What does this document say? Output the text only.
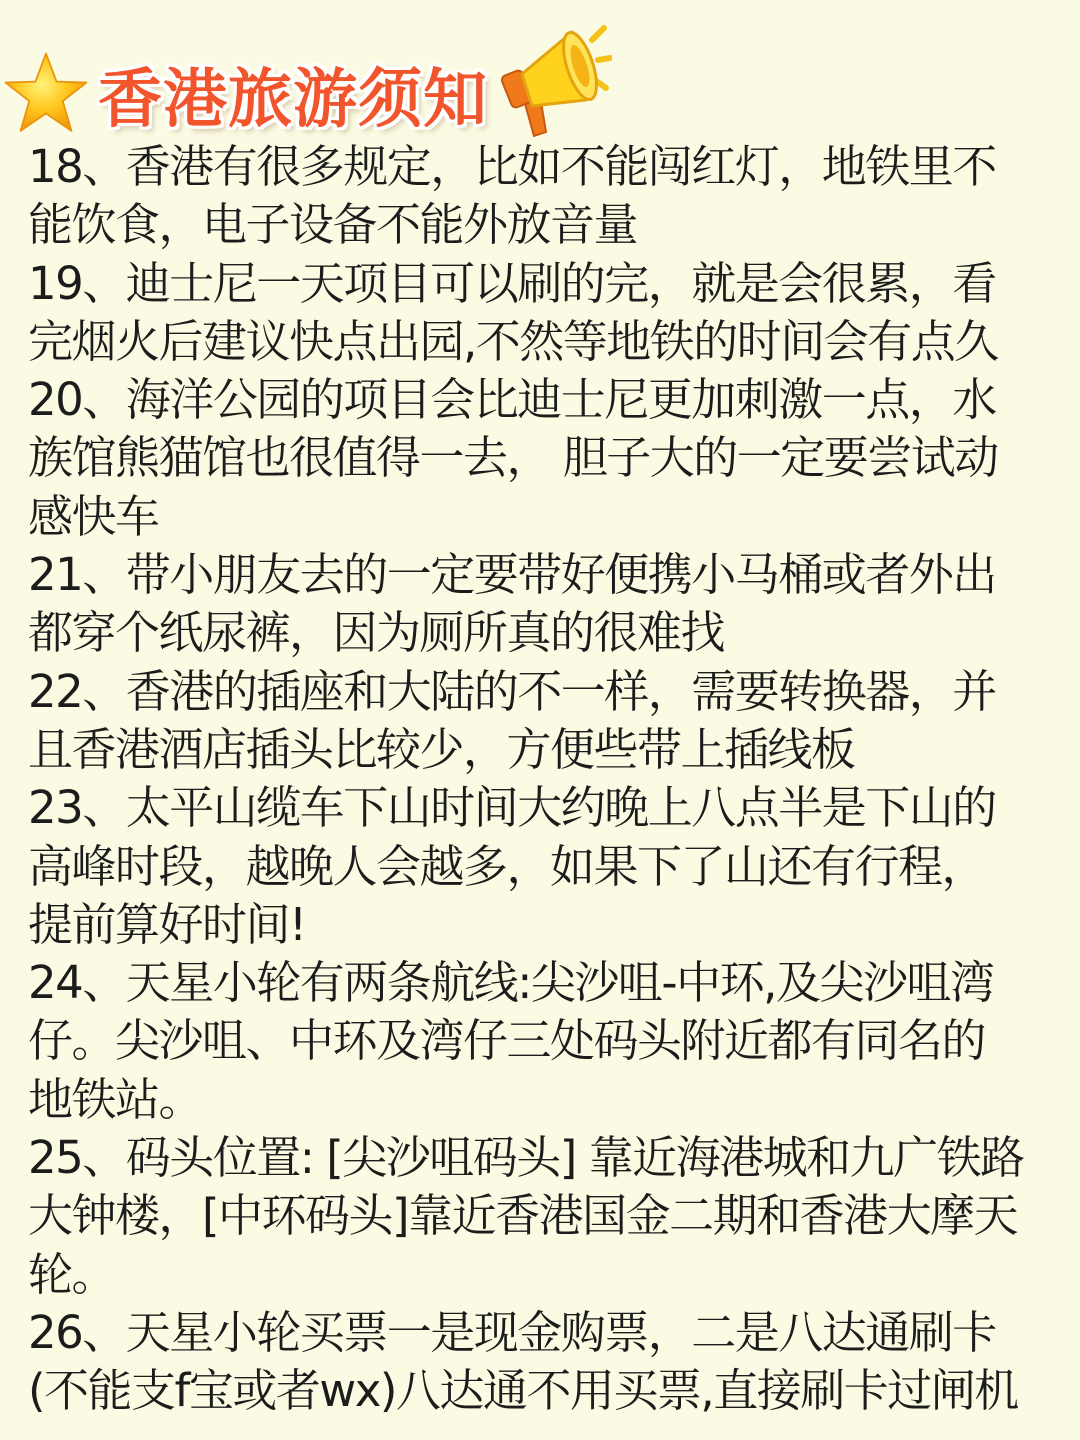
香港旅游须知
18、香港有很多规定，比如不能闯红灯，地铁里不
能饮食，电子设备不能外放音量
19、迪士尼一天项目可以刷的完，就是会很累，看
完烟火后建议快点出园,不然等地铁的时间会有点久
20、海洋公园的项目会比迪士尼更加刺激一点，水
族馆熊猫馆也很值得一去， 胆子大的一定要尝试动
感快车
21、带小朋友去的一定要带好便携小马桶或者外出
都穿个纸尿裤，因为厕所真的很难找
22、香港的插座和大陆的不一样，需要转换器，并
且香港酒店插头比较少，方便些带上插线板
23、太平山缆车下山时间大约晚上八点半是下山的
高峰时段，越晚人会越多，如果下了山还有行程，
提前算好时间!
24、天星小轮有两条航线:尖沙咀-中环,及尖沙咀湾
仔。尖沙咀、中环及湾仔三处码头附近都有同名的
地铁站。
25、码头位置: [尖沙咀码头] 靠近海港城和九广铁路
大钟楼，[中环码头]靠近香港国金二期和香港大摩天
轮。
26、天星小轮买票一是现金购票，二是八达通刷卡
(不能支f宝或者wx)八达通不用买票,直接刷卡过闸机
